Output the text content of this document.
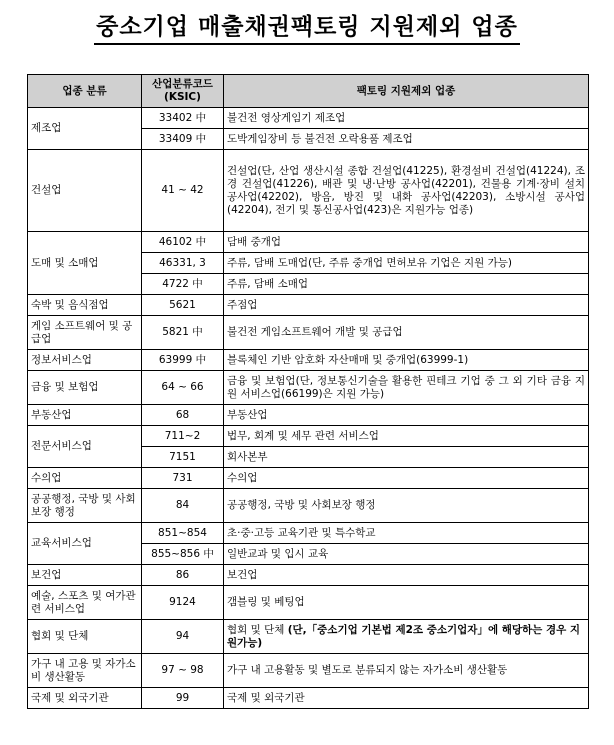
중소기업 매출채권팩토링 지원제외 업종
업종 분류	산업분류코드
(KSIC)	팩토링 지원제외 업종
제조업	33402 中	불건전 영상게임기 제조업
	33409 中	도박게임장비 등 불건전 오락용품 제조업
건설업	41 ~ 42	건설업(단, 산업 생산시설 종합 건설업(41225), 환경설비 건설업(41224), 조경 건설업(41226), 배관 및 냉·난방 공사업(42201), 건물용 기계·장비 설치 공사업(42202), 방음, 방진 및 내화 공사업(42203), 소방시설 공사업(42204), 전기 및 통신공사업(423)은 지원가능 업종)
도매 및 소매업	46102 中	담배 중개업
	46331, 3	주류, 담배 도매업(단, 주류 중개업 면허보유 기업은 지원 가능)
	4722 中	주류, 담배 소매업
숙박 및 음식점업	5621	주점업
게임 소프트웨어 및 공급업	5821 中	불건전 게임소프트웨어 개발 및 공급업
정보서비스업	63999 中	블록체인 기반 암호화 자산매매 및 중개업(63999-1)
금융 및 보험업	64 ~ 66	금융 및 보험업(단, 정보통신기술을 활용한 핀테크 기업 중 그 외 기타 금융 지원 서비스업(66199)은 지원 가능)
부동산업	68	부동산업
전문서비스업	711~2	법무, 회계 및 세무 관련 서비스업
	7151	회사본부
수의업	731	수의업
공공행정, 국방 및 사회보장 행정	84	공공행정, 국방 및 사회보장 행정
교육서비스업	851~854	초·중·고등 교육기관 및 특수학교
	855~856 中	일반교과 및 입시 교육
보건업	86	보건업
예술, 스포츠 및 여가관련 서비스업	9124	갬블링 및 베팅업
협회 및 단체	94	협회 및 단체 (단,「중소기업 기본법 제2조 중소기업자」에 해당하는 경우 지원가능)
가구 내 고용 및 자가소비 생산활동	97 ~ 98	가구 내 고용활동 및 별도로 분류되지 않는 자가소비 생산활동
국제 및 외국기관	99	국제 및 외국기관
